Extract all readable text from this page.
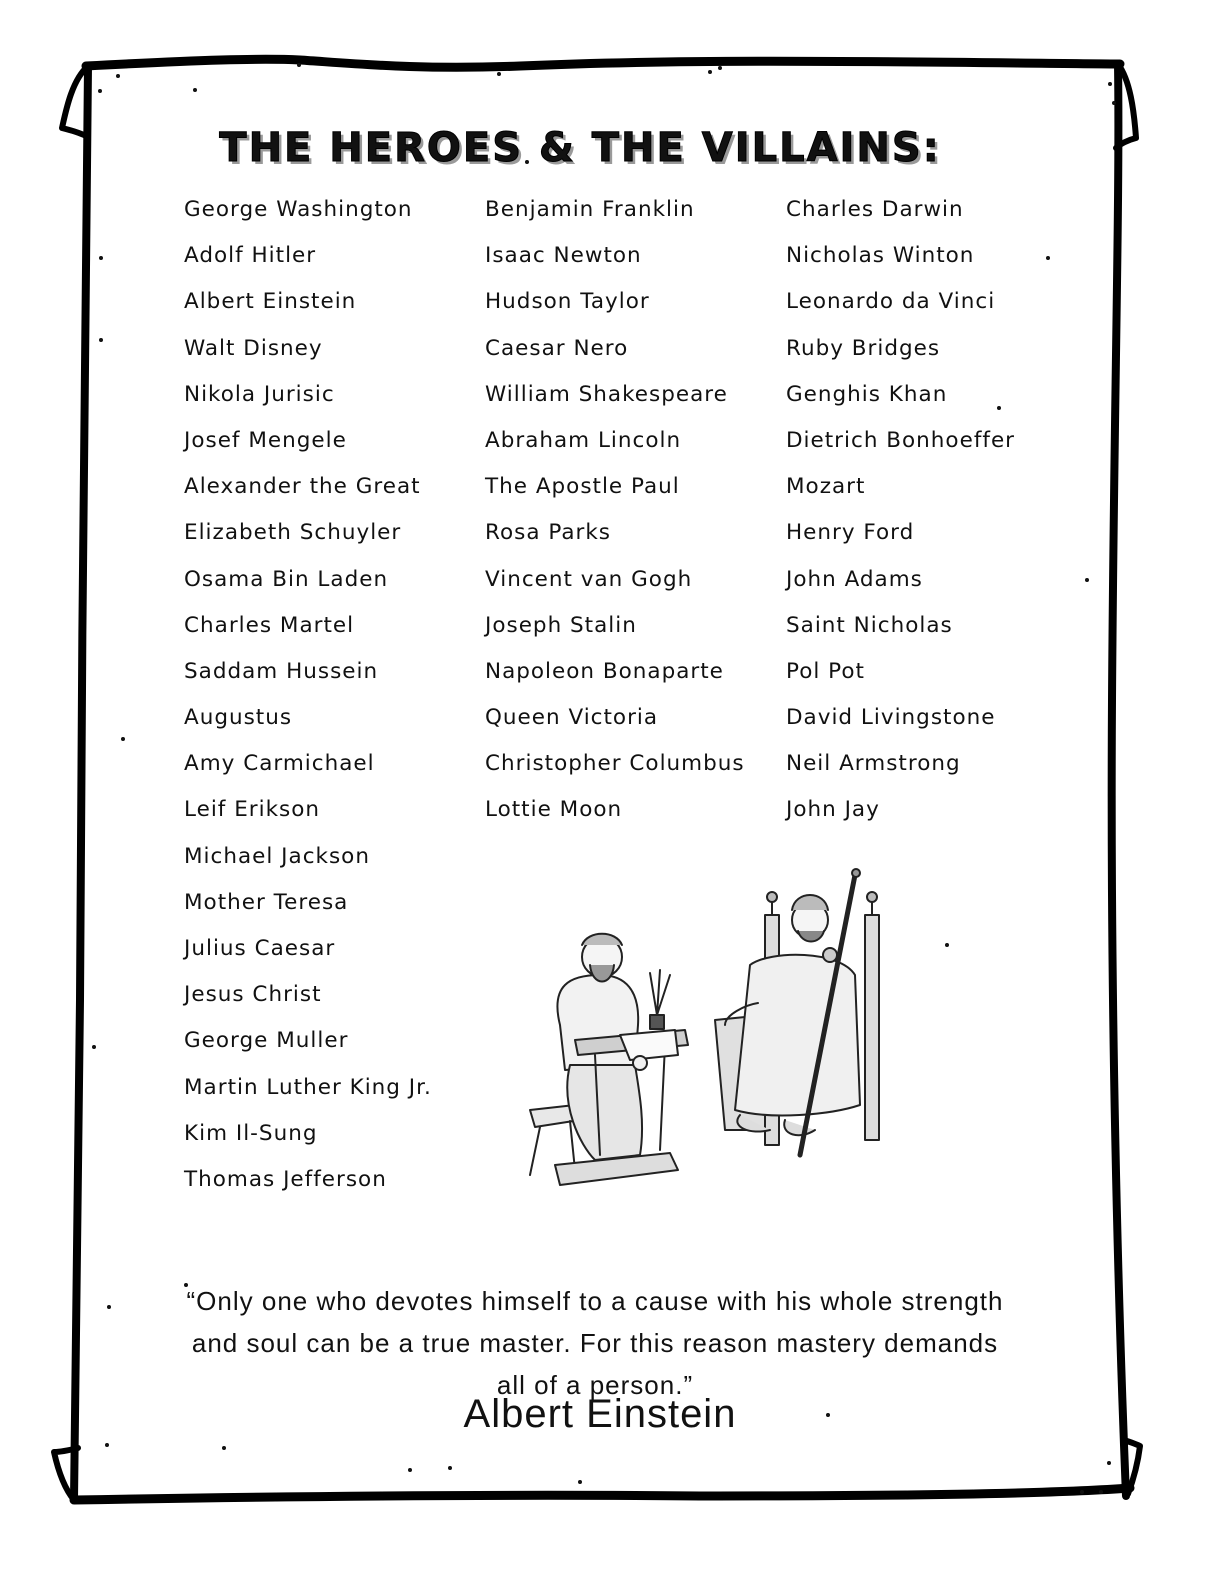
THE HEROES & THE VILLAINS:
George Washington
Adolf Hitler
Albert Einstein
Walt Disney
Nikola Jurisic
Josef Mengele
Alexander the Great
Elizabeth Schuyler
Osama Bin Laden
Charles Martel
Saddam Hussein
Augustus
Amy Carmichael
Leif Erikson
Michael Jackson
Mother Teresa
Julius Caesar
Jesus Christ
George Muller
Martin Luther King Jr.
Kim Il-Sung
Thomas Jefferson
Benjamin Franklin
Isaac Newton
Hudson Taylor
Caesar Nero
William Shakespeare
Abraham Lincoln
The Apostle Paul
Rosa Parks
Vincent van Gogh
Joseph Stalin
Napoleon Bonaparte
Queen Victoria
Christopher Columbus
Lottie Moon
Charles Darwin
Nicholas Winton
Leonardo da Vinci
Ruby Bridges
Genghis Khan
Dietrich Bonhoeffer
Mozart
Henry Ford
John Adams
Saint Nicholas
Pol Pot
David Livingstone
Neil Armstrong
John Jay

“Only one who devotes himself to a cause with his whole strength and soul can be a true master. For this reason mastery demands all of a person.”

Albert Einstein
